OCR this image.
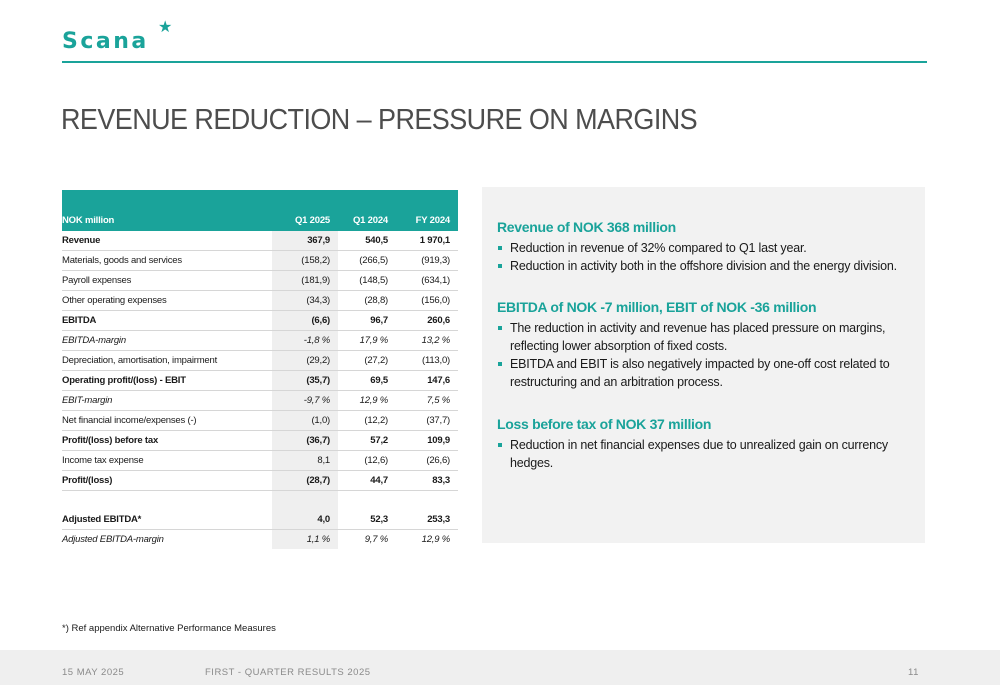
Scana
★
REVENUE REDUCTION – PRESSURE ON MARGINS
NOK million	Q1 2025	Q1 2024	FY 2024
Revenue	367,9	540,5	1 970,1
Materials, goods and services	(158,2)	(266,5)	(919,3)
Payroll expenses	(181,9)	(148,5)	(634,1)
Other operating expenses	(34,3)	(28,8)	(156,0)
EBITDA	(6,6)	96,7	260,6
EBITDA-margin	-1,8 %	17,9 %	13,2 %
Depreciation, amortisation, impairment	(29,2)	(27,2)	(113,0)
Operating profit/(loss) - EBIT	(35,7)	69,5	147,6
EBIT-margin	-9,7 %	12,9 %	7,5 %
Net financial income/expenses (-)	(1,0)	(12,2)	(37,7)
Profit/(loss) before tax	(36,7)	57,2	109,9
Income tax expense	8,1	(12,6)	(26,6)
Profit/(loss)	(28,7)	44,7	83,3

Adjusted EBITDA*	4,0	52,3	253,3
Adjusted EBITDA-margin	1,1 %	9,7 %	12,9 %
Revenue of NOK 368 million
Reduction in revenue of 32% compared to Q1 last year.
Reduction in activity both in the offshore division and the energy division.
EBITDA of NOK -7 million, EBIT of NOK -36 million
The reduction in activity and revenue has placed pressure on margins, reflecting lower absorption of fixed costs.
EBITDA and EBIT is also negatively impacted by one-off cost related to restructuring and an arbitration process.
Loss before tax of NOK 37 million
Reduction in net financial expenses due to unrealized gain on currency hedges.
*) Ref appendix Alternative Performance Measures
15 MAY 2025	FIRST - QUARTER RESULTS 2025	11
